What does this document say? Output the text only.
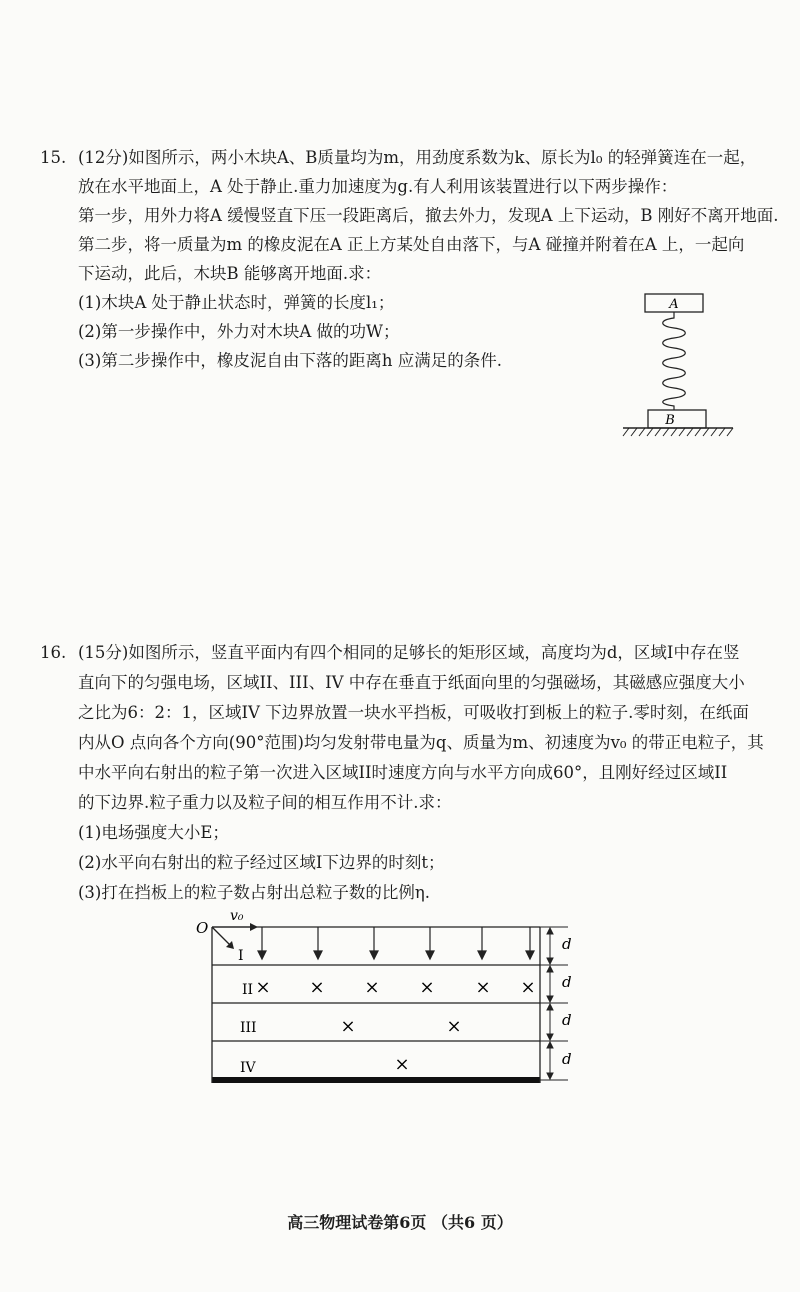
15. (12分)如图所示，两小木块A、B质量均为m，用劲度系数为k、原长为l₀ 的轻弹簧连在一起，
放在水平地面上，A 处于静止.重力加速度为g.有人利用该装置进行以下两步操作：
第一步，用外力将A 缓慢竖直下压一段距离后，撤去外力，发现A 上下运动，B 刚好不离开地面.
第二步，将一质量为m 的橡皮泥在A 正上方某处自由落下，与A 碰撞并附着在A 上，一起向
下运动，此后，木块B 能够离开地面.求：
(1)木块A 处于静止状态时，弹簧的长度l₁；
(2)第一步操作中，外力对木块A 做的功W；
(3)第二步操作中，橡皮泥自由下落的距离h 应满足的条件.
A
B
16. (15分)如图所示，竖直平面内有四个相同的足够长的矩形区域，高度均为d，区域I中存在竖
直向下的匀强电场，区域II、III、IV 中存在垂直于纸面向里的匀强磁场，其磁感应强度大小
之比为6：2：1，区域IV 下边界放置一块水平挡板，可吸收打到板上的粒子.零时刻，在纸面
内从O 点向各个方向(90°范围)均匀发射带电量为q、质量为m、初速度为v₀ 的带正电粒子，其
中水平向右射出的粒子第一次进入区域II时速度方向与水平方向成60°，且刚好经过区域II
的下边界.粒子重力以及粒子间的相互作用不计.求：
(1)电场强度大小E；
(2)水平向右射出的粒子经过区域I下边界的时刻t；
(3)打在挡板上的粒子数占射出总粒子数的比例η.
O
v₀
I
II
III
IV
× × × × × ×
×	×
×
d
d
d
d
高三物理试卷第6页 （共6 页）
